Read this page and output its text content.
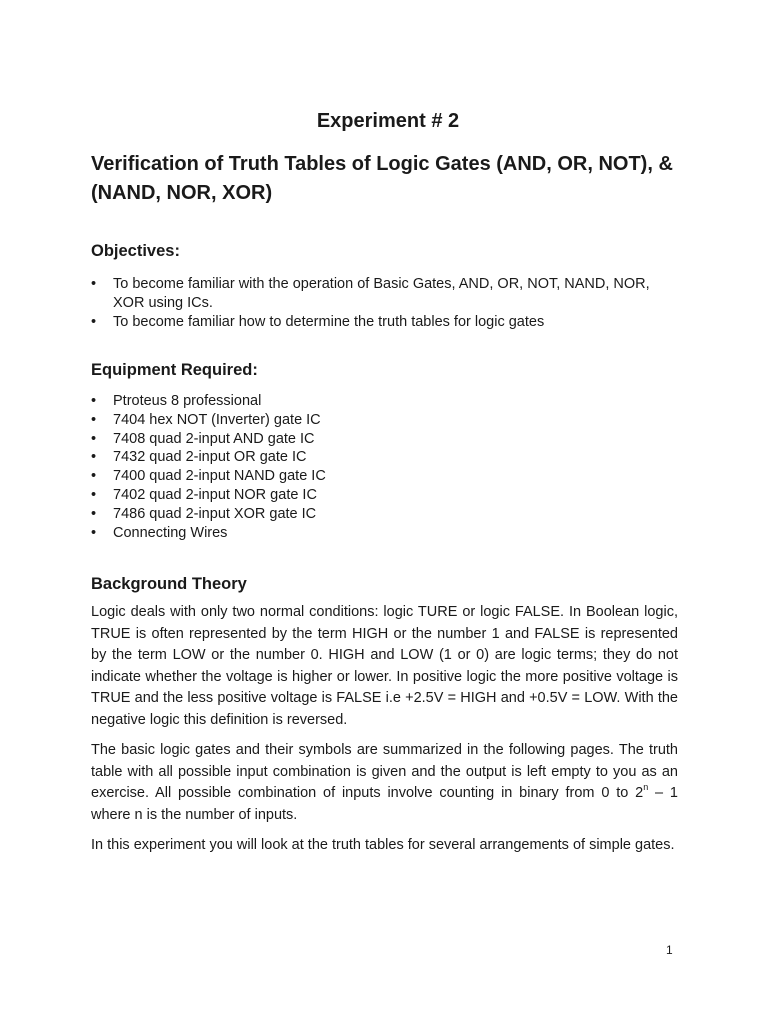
Experiment # 2
Verification of Truth Tables of Logic Gates (AND, OR, NOT), & (NAND, NOR, XOR)
Objectives:
• To become familiar with the operation of Basic Gates, AND, OR, NOT, NAND, NOR, XOR using ICs.
• To become familiar how to determine the truth tables for logic gates
Equipment Required:
• Ptroteus 8 professional
• 7404 hex NOT (Inverter) gate IC
• 7408 quad 2-input AND gate IC
• 7432 quad 2-input OR gate IC
• 7400 quad 2-input NAND gate IC
• 7402 quad 2-input NOR gate IC
• 7486 quad 2-input XOR gate IC
• Connecting Wires
Background Theory

Logic deals with only two normal conditions: logic TURE or logic FALSE. In Boolean logic, TRUE is often represented by the term HIGH or the number 1 and FALSE is represented by the term LOW or the number 0. HIGH and LOW (1 or 0) are logic terms; they do not indicate whether the voltage is higher or lower. In positive logic the more positive voltage is TRUE and the less positive voltage is FALSE i.e +2.5V = HIGH and +0.5V = LOW. With the negative logic this definition is reversed.

The basic logic gates and their symbols are summarized in the following pages. The truth table with all possible input combination is given and the output is left empty to you as an exercise. All possible combination of inputs involve counting in binary from 0 to 2$^n$ – 1 where n is the number of inputs.

In this experiment you will look at the truth tables for several arrangements of simple gates.

1
